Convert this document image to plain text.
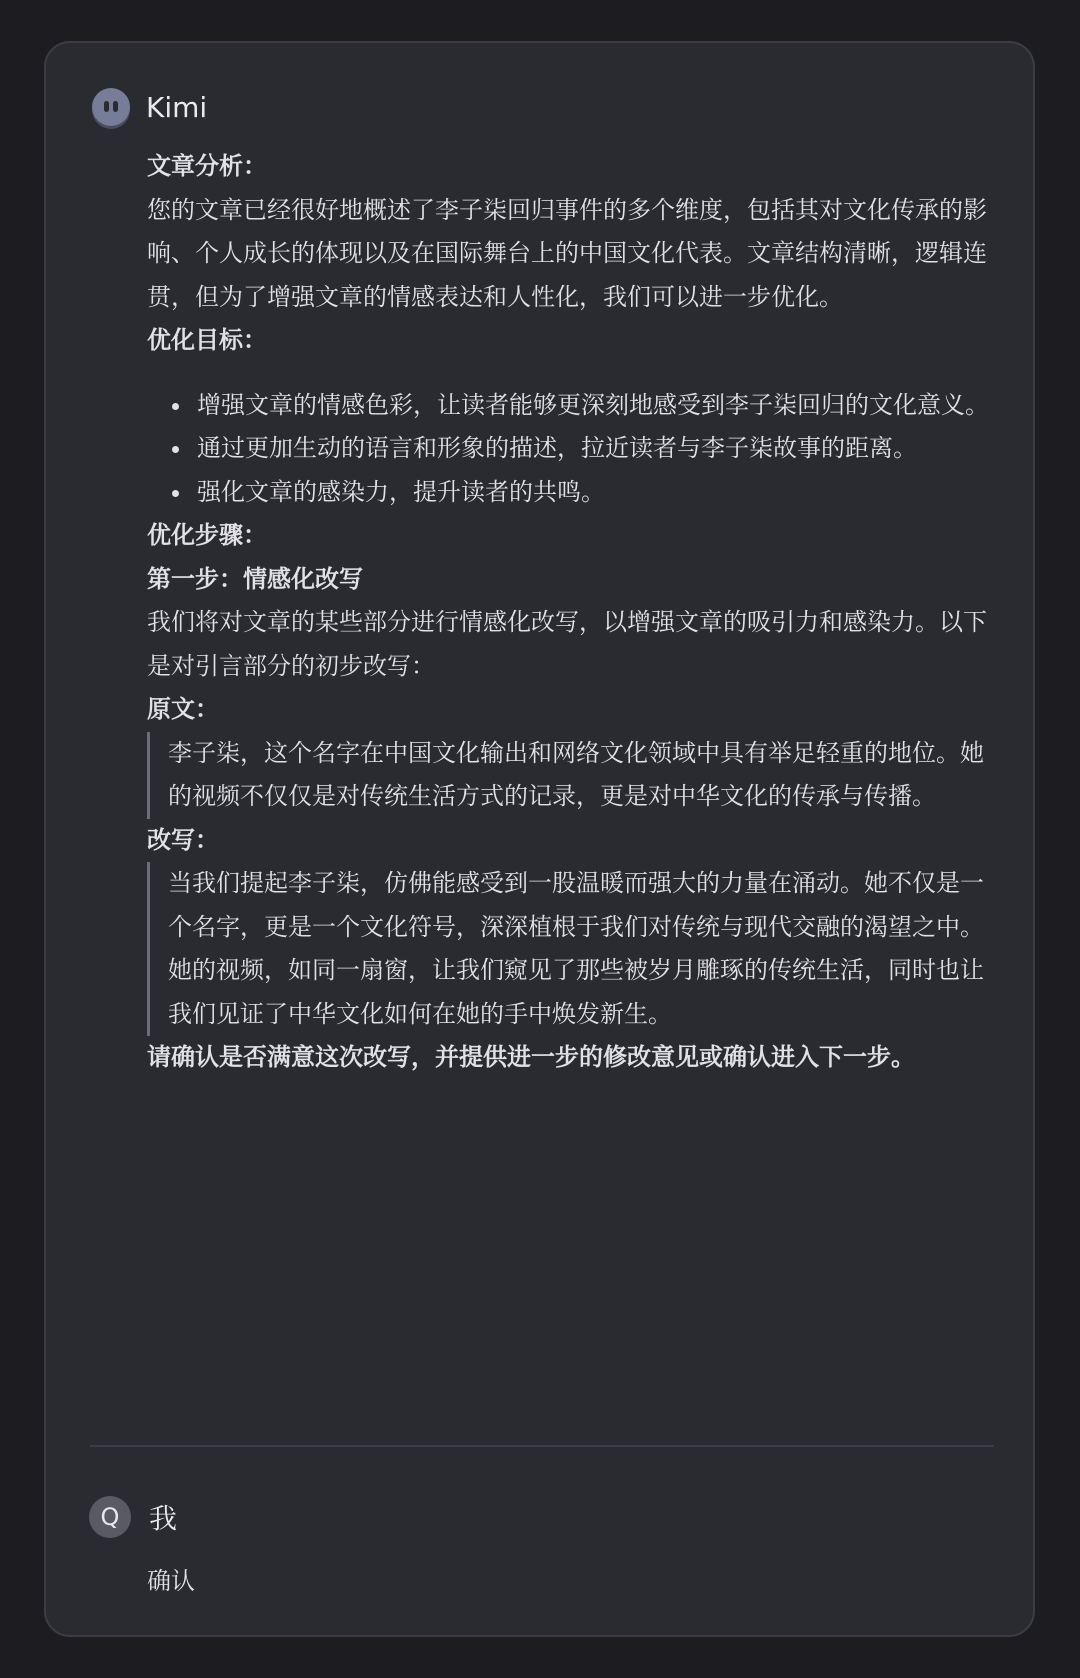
Kimi

文章分析：

您的文章已经很好地概述了李子柒回归事件的多个维度，包括其对文化传承的影响、个人成长的体现以及在国际舞台上的中国文化代表。文章结构清晰，逻辑连贯，但为了增强文章的情感表达和人性化，我们可以进一步优化。

优化目标：

增强文章的情感色彩，让读者能够更深刻地感受到李子柒回归的文化意义。
通过更加生动的语言和形象的描述，拉近读者与李子柒故事的距离。
强化文章的感染力，提升读者的共鸣。

优化步骤：

第一步：情感化改写

我们将对文章的某些部分进行情感化改写，以增强文章的吸引力和感染力。以下是对引言部分的初步改写：

原文：

李子柒，这个名字在中国文化输出和网络文化领域中具有举足轻重的地位。她的视频不仅仅是对传统生活方式的记录，更是对中华文化的传承与传播。

改写：

当我们提起李子柒，仿佛能感受到一股温暖而强大的力量在涌动。她不仅是一个名字，更是一个文化符号，深深植根于我们对传统与现代交融的渴望之中。她的视频，如同一扇窗，让我们窥见了那些被岁月雕琢的传统生活，同时也让我们见证了中华文化如何在她的手中焕发新生。

请确认是否满意这次改写，并提供进一步的修改意见或确认进入下一步。

Q	我
确认
